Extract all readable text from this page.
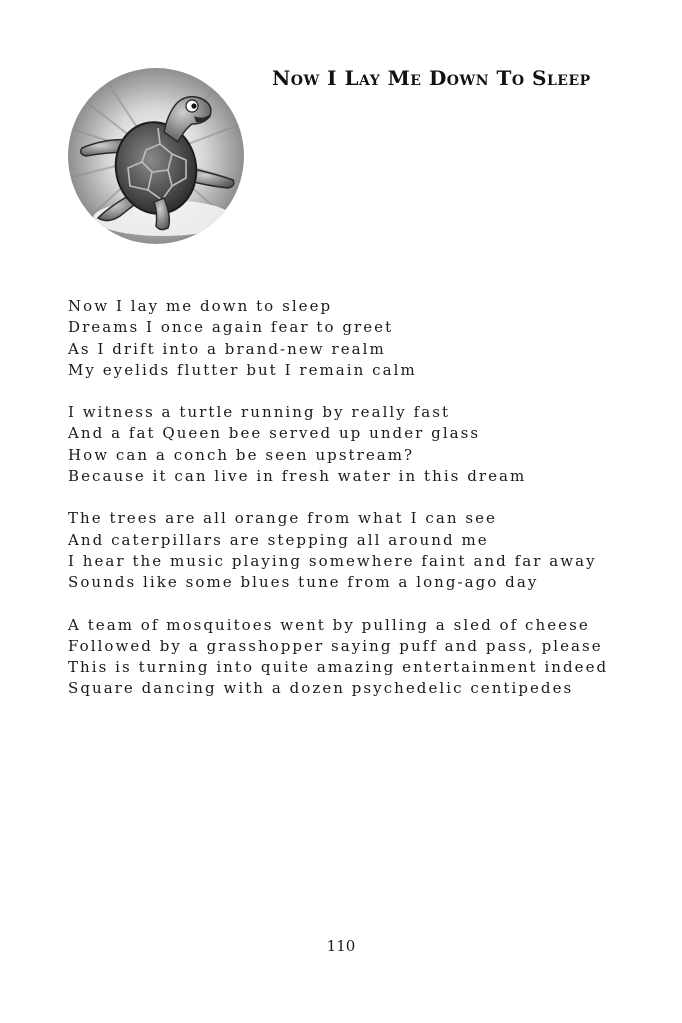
Now I Lay Me Down To Sleep
Now I lay me down to sleep
Dreams I once again fear to greet
As I drift into a brand-new realm
My eyelids flutter but I remain calm
I witness a turtle running by really fast
And a fat Queen bee served up under glass
How can a conch be seen upstream?
Because it can live in fresh water in this dream
The trees are all orange from what I can see
And caterpillars are stepping all around me
I hear the music playing somewhere faint and far away
Sounds like some blues tune from a long-ago day
A team of mosquitoes went by pulling a sled of cheese
Followed by a grasshopper saying puff and pass, please
This is turning into quite amazing entertainment indeed
Square dancing with a dozen psychedelic centipedes
110
